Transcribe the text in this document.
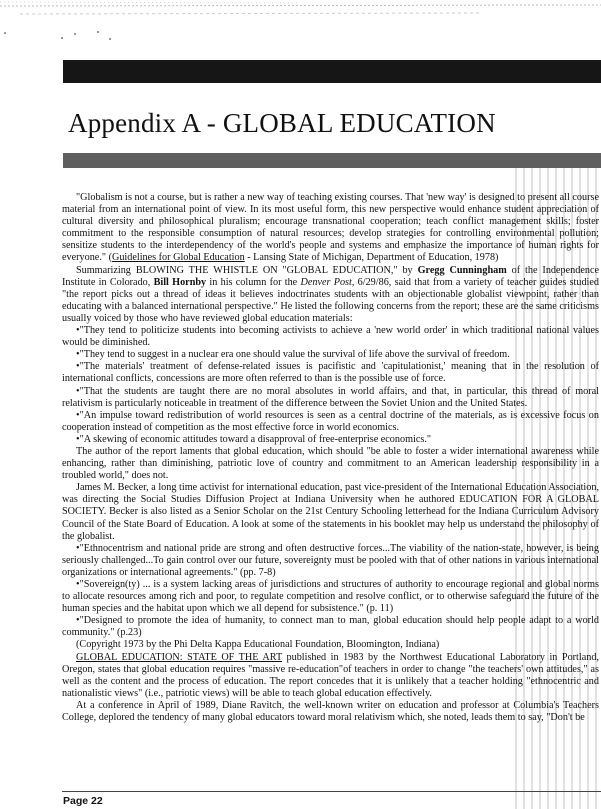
Appendix A - GLOBAL EDUCATION

"Globalism is not a course, but is rather a new way of teaching existing courses. That 'new way' is designed to present all course material from an international point of view. In its most useful form, this new perspective would enhance student appreciation of cultural diversity and philosophical pluralism; encourage transnational cooperation; teach conflict management skills; foster commitment to the responsible consumption of natural resources; develop strategies for controlling environmental pollution; sensitize students to the interdependency of the world's people and systems and emphasize the importance of human rights for everyone." (Guidelines for Global Education - Lansing State of Michigan, Department of Education, 1978)

Summarizing BLOWING THE WHISTLE ON "GLOBAL EDUCATION," by Gregg Cunningham of the Independence Institute in Colorado, Bill Hornby in his column for the Denver Post, 6/29/86, said that from a variety of teacher guides studied "the report picks out a thread of ideas it believes indoctrinates students with an objectionable globalist viewpoint, rather than educating with a balanced international perspective." He listed the following concerns from the report; these are the same criticisms usually voiced by those who have reviewed global education materials:

•"They tend to politicize students into becoming activists to achieve a 'new world order' in which traditional national values would be diminished.

•"They tend to suggest in a nuclear era one should value the survival of life above the survival of freedom.

•"The materials' treatment of defense-related issues is pacifistic and 'capitulationist,' meaning that in the resolution of international conflicts, concessions are more often referred to than is the possible use of force.

•"That the students are taught there are no moral absolutes in world affairs, and that, in particular, this thread of moral relativism is particularly noticeable in treatment of the difference between the Soviet Union and the United States.

•"An impulse toward redistribution of world resources is seen as a central doctrine of the materials, as is excessive focus on cooperation instead of competition as the most effective force in world economics.

•"A skewing of economic attitudes toward a disapproval of free-enterprise economics."

The author of the report laments that global education, which should "be able to foster a wider international awareness while enhancing, rather than diminishing, patriotic love of country and commitment to an American leadership responsibility in a troubled world," does not.

James M. Becker, a long time activist for international education, past vice-president of the International Education Association, was directing the Social Studies Diffusion Project at Indiana University when he authored EDUCATION FOR A GLOBAL SOCIETY. Becker is also listed as a Senior Scholar on the 21st Century Schooling letterhead for the Indiana Curriculum Advisory Council of the State Board of Education. A look at some of the statements in his booklet may help us understand the philosophy of the globalist.

•"Ethnocentrism and national pride are strong and often destructive forces...The viability of the nation-state, however, is being seriously challenged...To gain control over our future, sovereignty must be pooled with that of other nations in various international organizations or international agreements." (pp. 7-8)

•"Sovereign(ty) ... is a system lacking areas of jurisdictions and structures of authority to encourage regional and global norms to allocate resources among rich and poor, to regulate competition and resolve conflict, or to otherwise safeguard the future of the human species and the habitat upon which we all depend for subsistence." (p. 11)

•"Designed to promote the idea of humanity, to connect man to man, global education should help people adapt to a world community." (p.23)

(Copyright 1973 by the Phi Delta Kappa Educational Foundation, Bloomington, Indiana)

GLOBAL EDUCATION: STATE OF THE ART published in 1983 by the Northwest Educational Laboratory in Portland, Oregon, states that global education requires "massive re-education"of teachers in order to change "the teachers' own attitudes," as well as the content and the process of education. The report concedes that it is unlikely that a teacher holding "ethnocentric and nationalistic views" (i.e., patriotic views) will be able to teach global education effectively.

At a conference in April of 1989, Diane Ravitch, the well-known writer on education and professor at Columbia's Teachers College, deplored the tendency of many global educators toward moral relativism which, she noted, leads them to say, "Don't be

Page 22
